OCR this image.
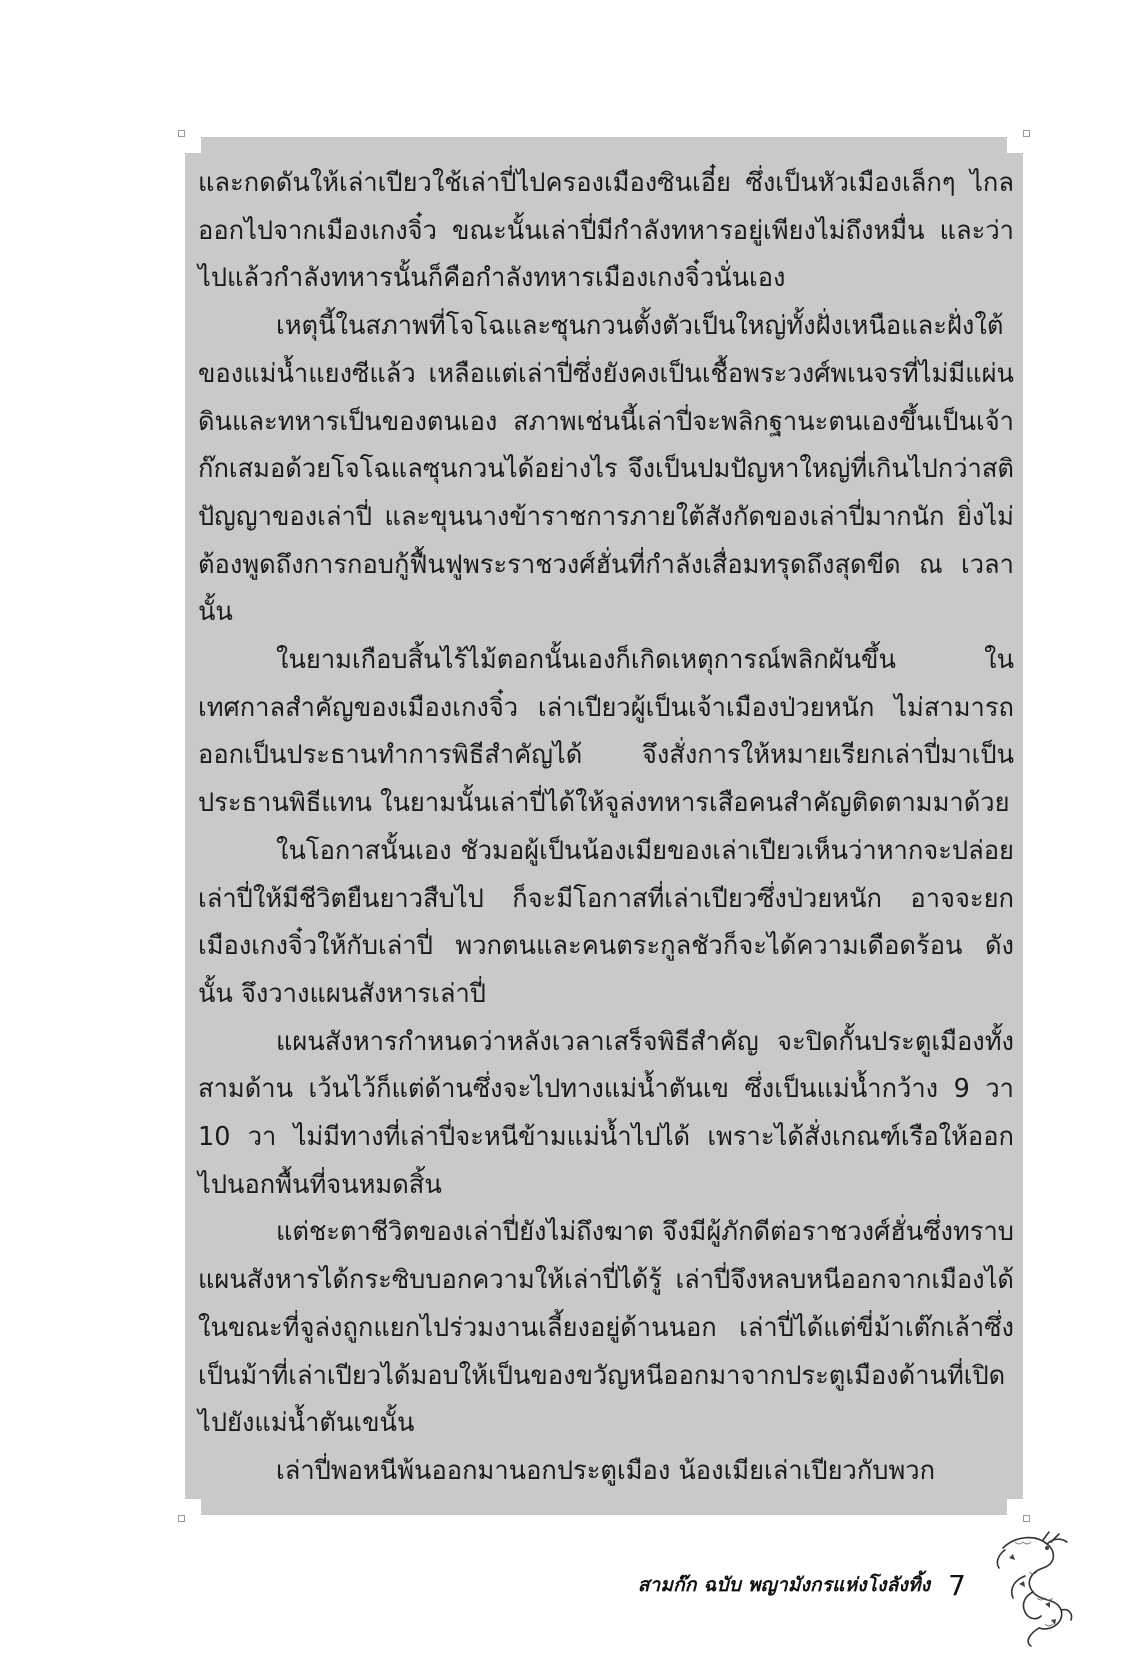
และกดดันให้เล่าเปียวใช้เล่าปี่ไปครองเมืองซินเอี๋ย ซึ่งเป็นหัวเมืองเล็กๆ ไกลออกไปจากเมืองเกงจิ๋ว ขณะนั้นเล่าปี่มีกำลังทหารอยู่เพียงไม่ถึงหมื่น และว่าไปแล้วกำลังทหารนั้นก็คือกำลังทหารเมืองเกงจิ๋วนั่นเอง

เหตุนี้ในสภาพที่โจโฉและซุนกวนตั้งตัวเป็นใหญ่ทั้งฝั่งเหนือและฝั่งใต้ของแม่น้ำแยงซีแล้ว เหลือแต่เล่าปี่ซึ่งยังคงเป็นเชื้อพระวงศ์พเนจรที่ไม่มีแผ่นดินและทหารเป็นของตนเอง สภาพเช่นนี้เล่าปี่จะพลิกฐานะตนเองขึ้นเป็นเจ้าก๊กเสมอด้วยโจโฉแลซุนกวนได้อย่างไร จึงเป็นปมปัญหาใหญ่ที่เกินไปกว่าสติปัญญาของเล่าปี่ และขุนนางข้าราชการภายใต้สังกัดของเล่าปี่มากนัก ยิ่งไม่ต้องพูดถึงการกอบกู้ฟื้นฟูพระราชวงศ์ฮั่นที่กำลังเสื่อมทรุดถึงสุดขีด ณ เวลานั้น

ในยามเกือบสิ้นไร้ไม้ตอกนั้นเองก็เกิดเหตุการณ์พลิกผันขึ้น ในเทศกาลสำคัญของเมืองเกงจิ๋ว เล่าเปียวผู้เป็นเจ้าเมืองป่วยหนัก ไม่สามารถออกเป็นประธานทำการพิธีสำคัญได้ จึงสั่งการให้หมายเรียกเล่าปี่มาเป็นประธานพิธีแทน ในยามนั้นเล่าปี่ได้ให้จูล่งทหารเสือคนสำคัญติดตามมาด้วย

ในโอกาสนั้นเอง ชัวมอผู้เป็นน้องเมียของเล่าเปียวเห็นว่าหากจะปล่อยเล่าปี่ให้มีชีวิตยืนยาวสืบไป ก็จะมีโอกาสที่เล่าเปียวซึ่งป่วยหนัก อาจจะยกเมืองเกงจิ๋วให้กับเล่าปี่ พวกตนและคนตระกูลชัวก็จะได้ความเดือดร้อน ดังนั้น จึงวางแผนสังหารเล่าปี่

แผนสังหารกำหนดว่าหลังเวลาเสร็จพิธีสำคัญ จะปิดกั้นประตูเมืองทั้งสามด้าน เว้นไว้ก็แต่ด้านซึ่งจะไปทางแม่น้ำตันเข ซึ่งเป็นแม่น้ำกว้าง 9 วา 10 วา ไม่มีทางที่เล่าปี่จะหนีข้ามแม่น้ำไปได้ เพราะได้สั่งเกณฑ์เรือให้ออกไปนอกพื้นที่จนหมดสิ้น

แต่ชะตาชีวิตของเล่าปี่ยังไม่ถึงฆาต จึงมีผู้ภักดีต่อราชวงศ์ฮั่นซึ่งทราบแผนสังหารได้กระซิบบอกความให้เล่าปี่ได้รู้ เล่าปี่จึงหลบหนีออกจากเมืองได้ ในขณะที่จูล่งถูกแยกไปร่วมงานเลี้ยงอยู่ด้านนอก เล่าปี่ได้แต่ขี่ม้าเต๊กเล้าซึ่งเป็นม้าที่เล่าเปียวได้มอบให้เป็นของขวัญหนีออกมาจากประตูเมืองด้านที่เปิดไปยังแม่น้ำตันเขนั้น

เล่าปี่พอหนีพ้นออกมานอกประตูเมือง น้องเมียเล่าเปียวกับพวก

สามก๊ก ฉบับ พญามังกรแห่งโงลังทิ้ง 7
